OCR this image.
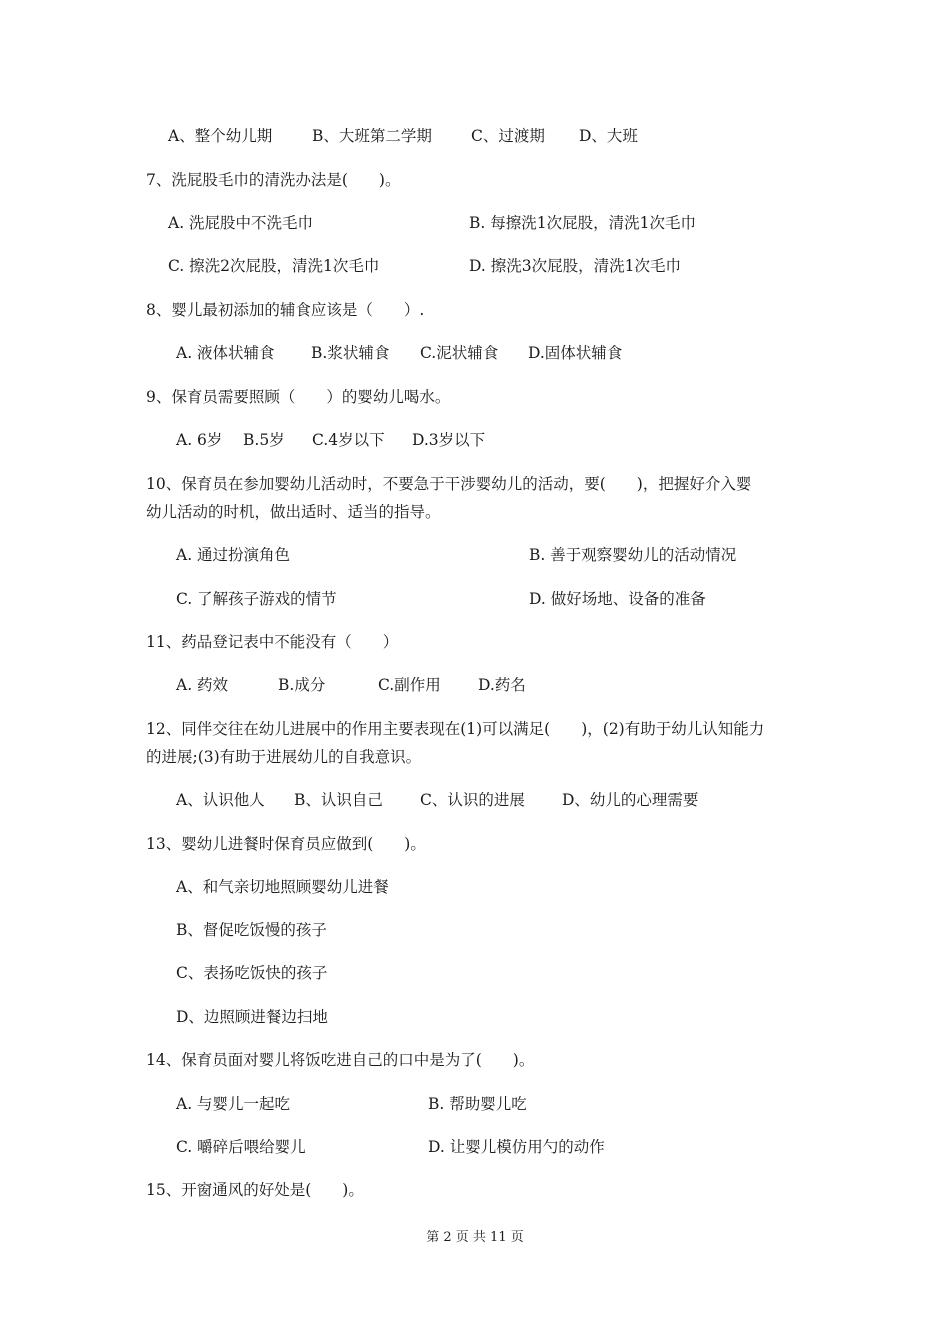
A、整个幼儿期	B、大班第二学期	C、过渡期 D、大班
7、洗屁股毛巾的清洗办法是(　　)。
A. 洗屁股中不洗毛巾	B. 每擦洗1次屁股，清洗1次毛巾
C. 擦洗2次屁股，清洗1次毛巾	D. 擦洗3次屁股，清洗1次毛巾
8、婴儿最初添加的辅食应该是（　　）.
A. 液体状辅食 B.浆状辅食 C.泥状辅食 D.固体状辅食
9、保育员需要照顾（　　）的婴幼儿喝水。
A. 6岁 B.5岁 C.4岁以下 D.3岁以下
10、保育员在参加婴幼儿活动时，不要急于干涉婴幼儿的活动，要(　　)，把握好介入婴
幼儿活动的时机，做出适时、适当的指导。
A. 通过扮演角色	B. 善于观察婴幼儿的活动情况
C. 了解孩子游戏的情节	D. 做好场地、设备的准备
11、药品登记表中不能没有（　　）
A. 药效	B.成分	C.副作用 D.药名
12、同伴交往在幼儿进展中的作用主要表现在(1)可以满足(　　)，(2)有助于幼儿认知能力
的进展;(3)有助于进展幼儿的自我意识。
A、认识他人 B、认识自己 C、认识的进展 D、幼儿的心理需要
13、婴幼儿进餐时保育员应做到(　　)。
A、和气亲切地照顾婴幼儿进餐
B、督促吃饭慢的孩子
C、表扬吃饭快的孩子
D、边照顾进餐边扫地
14、保育员面对婴儿将饭吃进自己的口中是为了(　　)。
A. 与婴儿一起吃	B. 帮助婴儿吃
C. 嚼碎后喂给婴儿	D. 让婴儿模仿用勺的动作
15、开窗通风的好处是(　　)。
第 2 页 共 11 页
